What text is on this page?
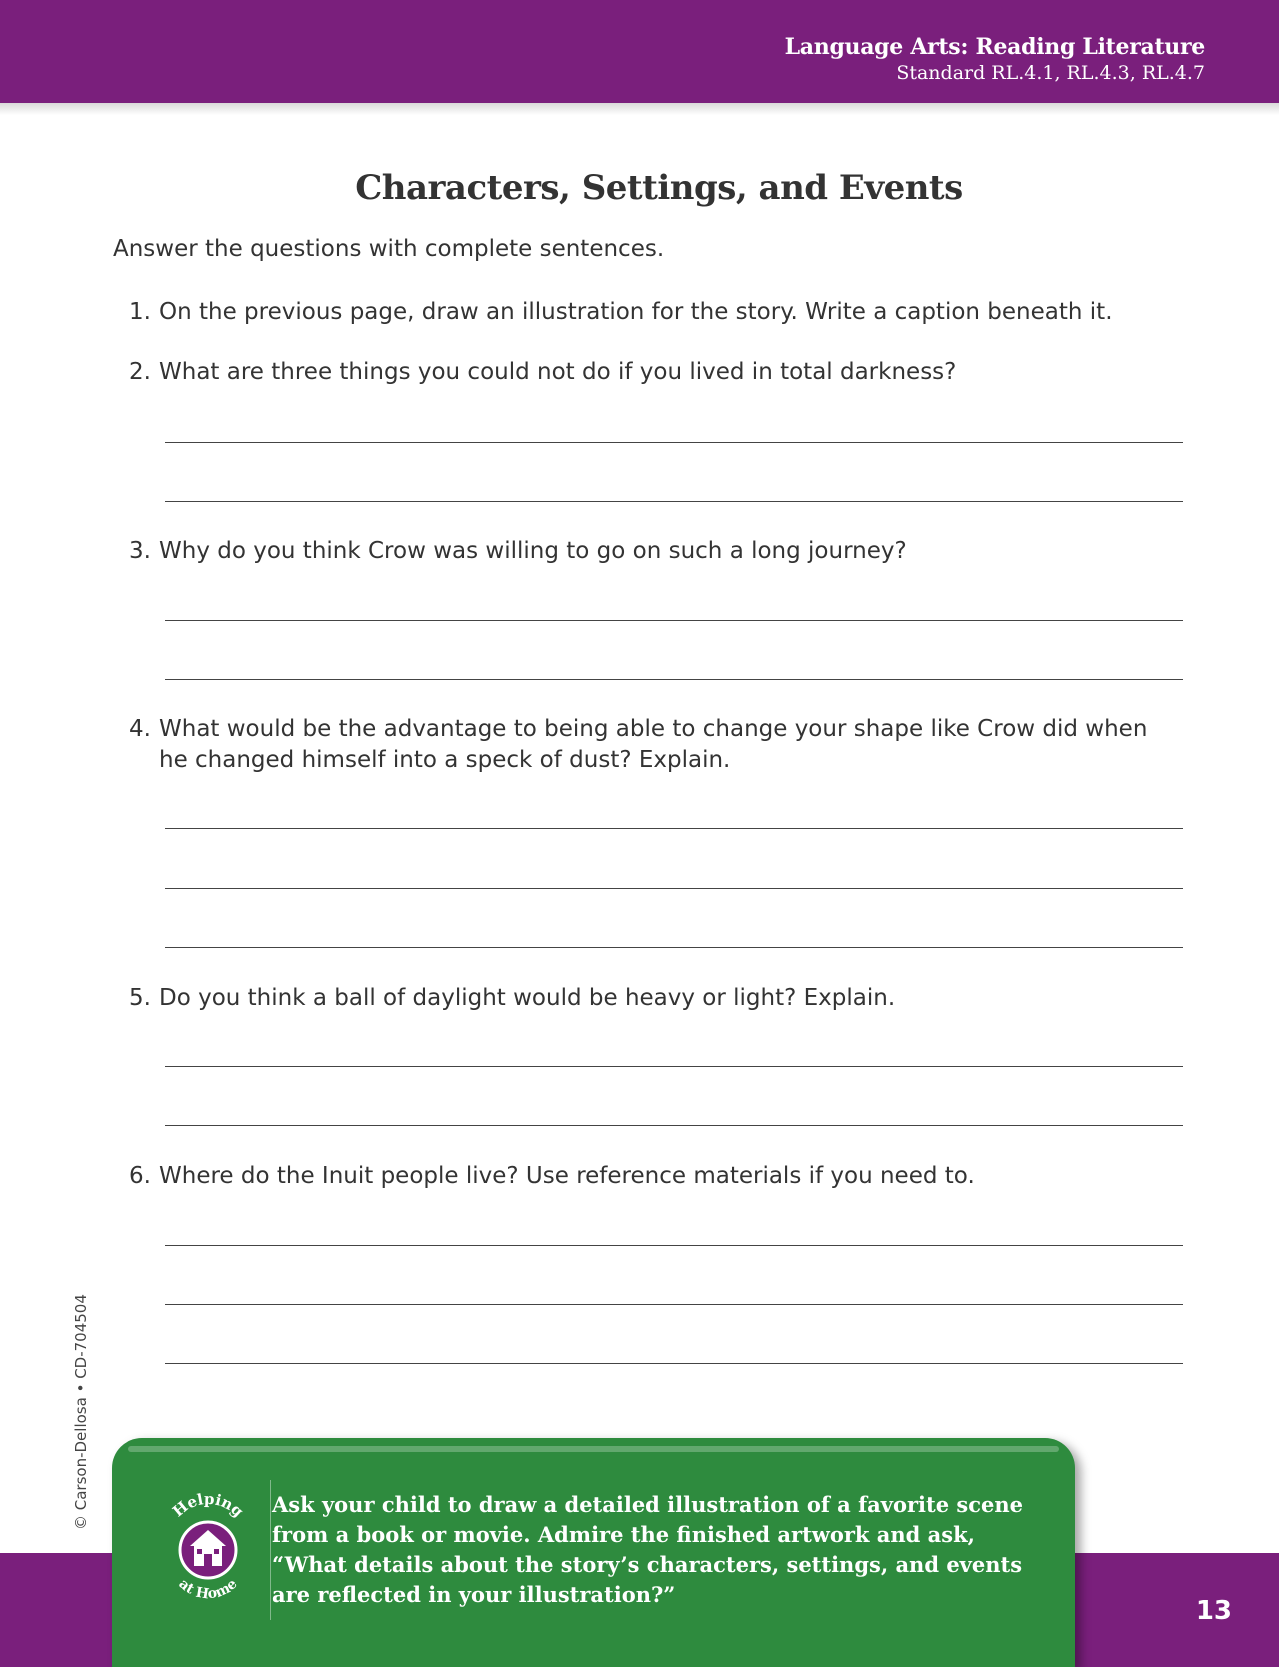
Language Arts: Reading Literature
Standard RL.4.1, RL.4.3, RL.4.7
Characters, Settings, and Events
Answer the questions with complete sentences.
1. On the previous page, draw an illustration for the story. Write a caption beneath it.
2. What are three things you could not do if you lived in total darkness?
3. Why do you think Crow was willing to go on such a long journey?
4. What would be the advantage to being able to change your shape like Crow did when he changed himself into a speck of dust? Explain.
5. Do you think a ball of daylight would be heavy or light? Explain.
6. Where do the Inuit people live? Use reference materials if you need to.
© Carson-Dellosa • CD-704504	Helping
at Home
Ask your child to draw a detailed illustration of a favorite scene from a book or movie. Admire the finished artwork and ask, “What details about the story’s characters, settings, and events are reflected in your illustration?”
13
